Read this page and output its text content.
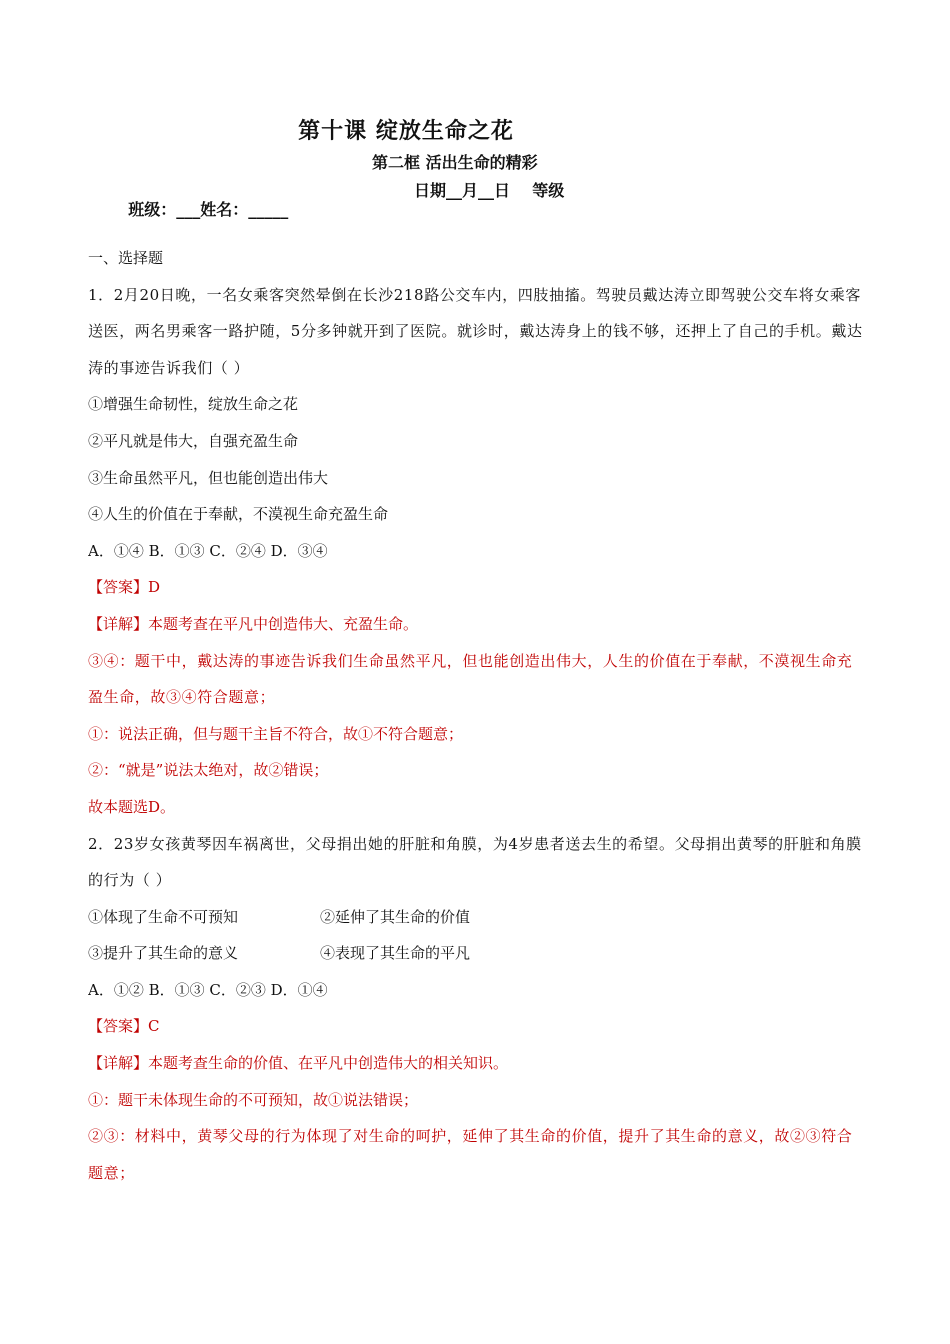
第十课 绽放生命之花
第二框 活出生命的精彩

班级：___姓名：_____

日期__月__日    等级

一、选择题
1．2月20日晚，一名女乘客突然晕倒在长沙218路公交车内，四肢抽搐。驾驶员戴达涛立即驾驶公交车将女乘客送医，两名男乘客一路护随，5分多钟就开到了医院。就诊时，戴达涛身上的钱不够，还押上了自己的手机。戴达涛的事迹告诉我们（ ）
①增强生命韧性，绽放生命之花
②平凡就是伟大，自强充盈生命
③生命虽然平凡，但也能创造出伟大
④人生的价值在于奉献，不漠视生命充盈生命
A．①④ B．①③ C．②④ D．③④
【答案】D
【详解】本题考查在平凡中创造伟大、充盈生命。
③④：题干中，戴达涛的事迹告诉我们生命虽然平凡，但也能创造出伟大，人生的价值在于奉献，不漠视生命充盈生命，故③④符合题意；
①：说法正确，但与题干主旨不符合，故①不符合题意；
②：“就是”说法太绝对，故②错误；
故本题选D。
2．23岁女孩黄琴因车祸离世，父母捐出她的肝脏和角膜，为4岁患者送去生的希望。父母捐出黄琴的肝脏和角膜的行为（ ）
①体现了生命不可预知	②延伸了其生命的价值
③提升了其生命的意义	④表现了其生命的平凡
A．①② B．①③ C．②③ D．①④
【答案】C
【详解】本题考查生命的价值、在平凡中创造伟大的相关知识。
①：题干未体现生命的不可预知，故①说法错误；
②③：材料中，黄琴父母的行为体现了对生命的呵护，延伸了其生命的价值，提升了其生命的意义，故②③符合题意；
